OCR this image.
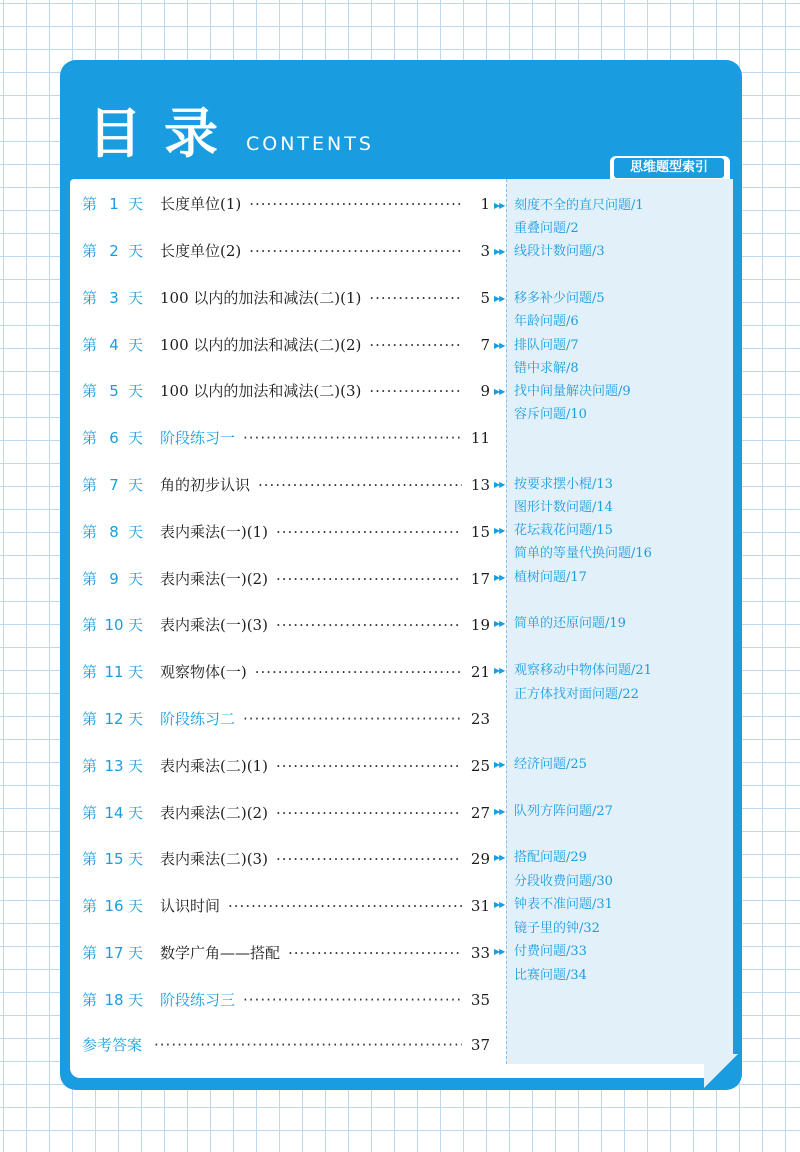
目录 CONTENTS
思维题型索引
第 1 天 长度单位(1) ·····	1
第 2 天 长度单位(2) ·····	3
第 3 天 100 以内的加法和减法(二)(1) ·····	5
第 4 天 100 以内的加法和减法(二)(2) ·····	7
第 5 天 100 以内的加法和减法(二)(3) ·····	9
第 6 天 阶段练习一 ·····	11
第 7 天 角的初步认识 ·····	13
第 8 天 表内乘法(一)(1) ·····	15
第 9 天 表内乘法(一)(2) ·····	17
第 10 天 表内乘法(一)(3) ·····	19
第 11 天 观察物体(一) ·····	21
第 12 天 阶段练习二 ·····	23
第 13 天 表内乘法(二)(1) ·····	25
第 14 天 表内乘法(二)(2) ·····	27
第 15 天 表内乘法(二)(3) ·····	29
第 16 天 认识时间 ·····	31
第 17 天 数学广角——搭配 ·····	33
第 18 天 阶段练习三 ·····	35
参考答案 ·····	37
▶▶ 刻度不全的直尺问题/1
重叠问题/2
▶▶ 线段计数问题/3
▶▶ 移多补少问题/5
年龄问题/6
▶▶ 排队问题/7
错中求解/8
▶▶ 找中间量解决问题/9
容斥问题/10
▶▶ 按要求摆小棍/13
图形计数问题/14
▶▶ 花坛栽花问题/15
简单的等量代换问题/16
▶▶ 植树问题/17
▶▶ 简单的还原问题/19
▶▶ 观察移动中物体问题/21
正方体找对面问题/22
▶▶ 经济问题/25
▶▶ 队列方阵问题/27
▶▶ 搭配问题/29
分段收费问题/30
▶▶ 钟表不准问题/31
镜子里的钟/32
▶▶ 付费问题/33
比赛问题/34
